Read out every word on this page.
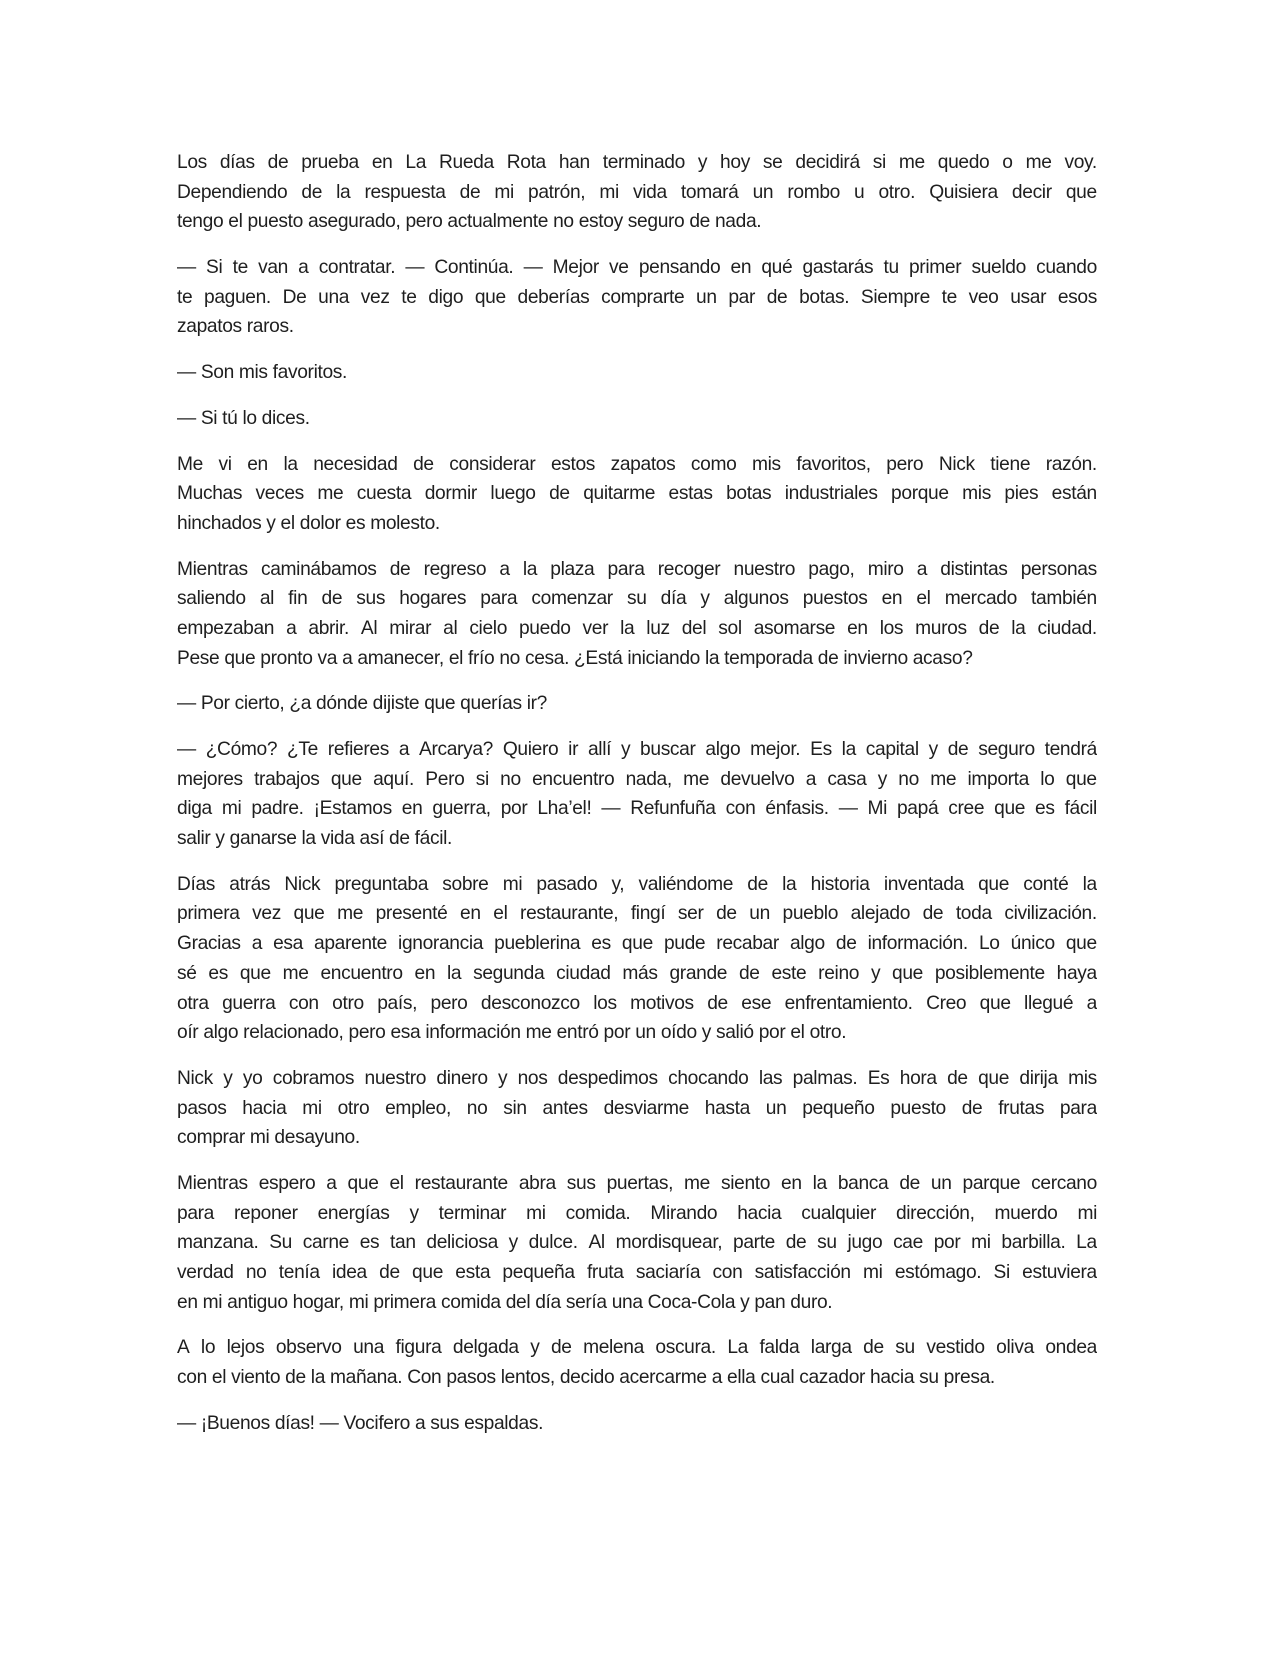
Los días de prueba en La Rueda Rota han terminado y hoy se decidirá si me quedo o me voy.
Dependiendo de la respuesta de mi patrón, mi vida tomará un rombo u otro. Quisiera decir que
tengo el puesto asegurado, pero actualmente no estoy seguro de nada.
— Si te van a contratar. — Continúa. — Mejor ve pensando en qué gastarás tu primer sueldo cuando
te paguen. De una vez te digo que deberías comprarte un par de botas. Siempre te veo usar esos
zapatos raros.
— Son mis favoritos.
— Si tú lo dices.
Me vi en la necesidad de considerar estos zapatos como mis favoritos, pero Nick tiene razón.
Muchas veces me cuesta dormir luego de quitarme estas botas industriales porque mis pies están
hinchados y el dolor es molesto.
Mientras caminábamos de regreso a la plaza para recoger nuestro pago, miro a distintas personas
saliendo al fin de sus hogares para comenzar su día y algunos puestos en el mercado también
empezaban a abrir. Al mirar al cielo puedo ver la luz del sol asomarse en los muros de la ciudad.
Pese que pronto va a amanecer, el frío no cesa. ¿Está iniciando la temporada de invierno acaso?
— Por cierto, ¿a dónde dijiste que querías ir?
— ¿Cómo? ¿Te refieres a Arcarya? Quiero ir allí y buscar algo mejor. Es la capital y de seguro tendrá
mejores trabajos que aquí. Pero si no encuentro nada, me devuelvo a casa y no me importa lo que
diga mi padre. ¡Estamos en guerra, por Lha’el! — Refunfuña con énfasis. — Mi papá cree que es fácil
salir y ganarse la vida así de fácil.
Días atrás Nick preguntaba sobre mi pasado y, valiéndome de la historia inventada que conté la
primera vez que me presenté en el restaurante, fingí ser de un pueblo alejado de toda civilización.
Gracias a esa aparente ignorancia pueblerina es que pude recabar algo de información. Lo único que
sé es que me encuentro en la segunda ciudad más grande de este reino y que posiblemente haya
otra guerra con otro país, pero desconozco los motivos de ese enfrentamiento. Creo que llegué a
oír algo relacionado, pero esa información me entró por un oído y salió por el otro.
Nick y yo cobramos nuestro dinero y nos despedimos chocando las palmas. Es hora de que dirija mis
pasos hacia mi otro empleo, no sin antes desviarme hasta un pequeño puesto de frutas para
comprar mi desayuno.
Mientras espero a que el restaurante abra sus puertas, me siento en la banca de un parque cercano
para reponer energías y terminar mi comida. Mirando hacia cualquier dirección, muerdo mi
manzana. Su carne es tan deliciosa y dulce. Al mordisquear, parte de su jugo cae por mi barbilla. La
verdad no tenía idea de que esta pequeña fruta saciaría con satisfacción mi estómago. Si estuviera
en mi antiguo hogar, mi primera comida del día sería una Coca-Cola y pan duro.
A lo lejos observo una figura delgada y de melena oscura. La falda larga de su vestido oliva ondea
con el viento de la mañana. Con pasos lentos, decido acercarme a ella cual cazador hacia su presa.
— ¡Buenos días! — Vocifero a sus espaldas.
